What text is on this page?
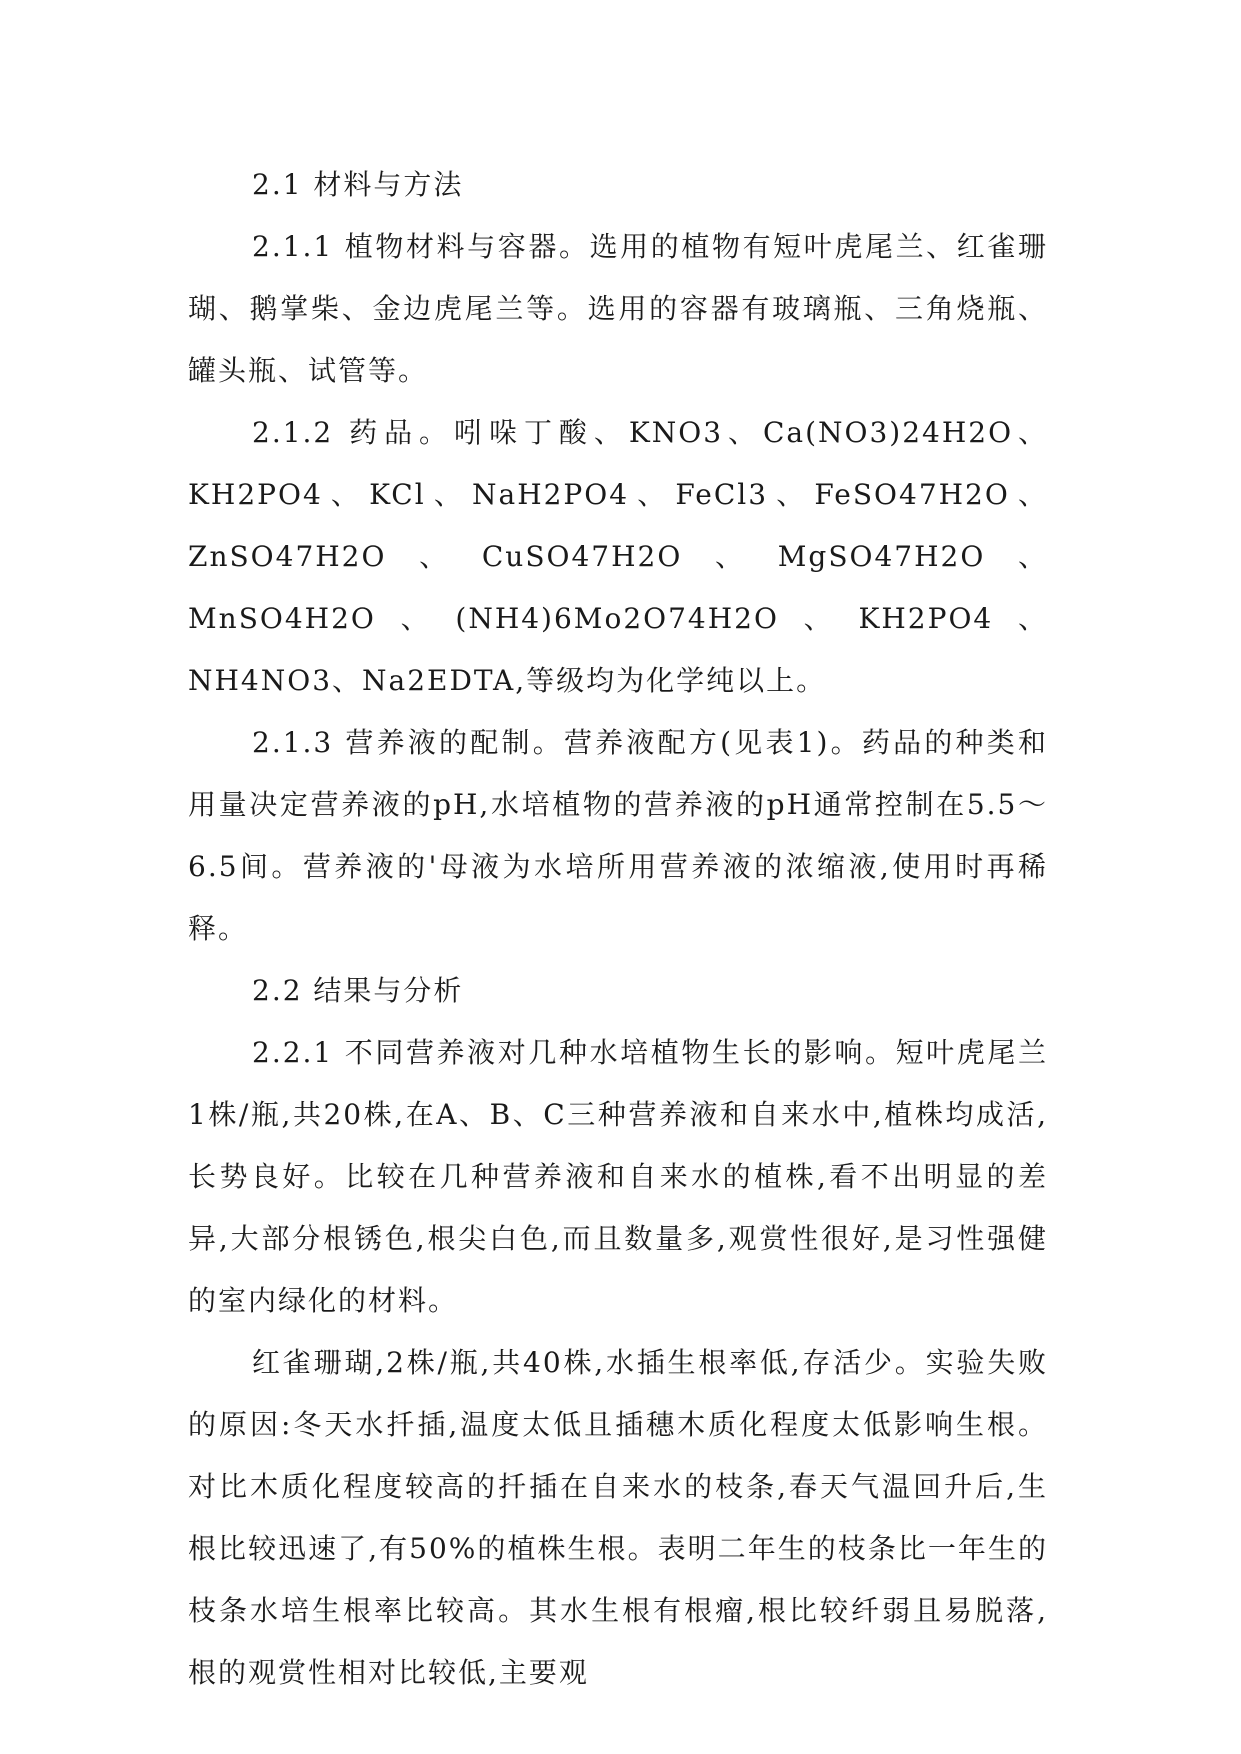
2.1 材料与方法

2.1.1 植物材料与容器。选用的植物有短叶虎尾兰、红雀珊瑚、鹅掌柴、金边虎尾兰等。选用的容器有玻璃瓶、三角烧瓶、罐头瓶、试管等。

2.1.2 药品。吲哚丁酸、KNO3、Ca(NO3)24H2O、KH2PO4、KCl、NaH2PO4、FeCl3、FeSO47H2O、ZnSO47H2O、CuSO47H2O、MgSO47H2O、MnSO4H2O、(NH4)6Mo2O74H2O、KH2PO4、NH4NO3、Na2EDTA,等级均为化学纯以上。

2.1.3 营养液的配制。营养液配方(见表1)。药品的种类和用量决定营养液的pH,水培植物的营养液的pH通常控制在5.5～6.5间。营养液的'母液为水培所用营养液的浓缩液,使用时再稀释。

2.2 结果与分析

2.2.1 不同营养液对几种水培植物生长的影响。短叶虎尾兰1株/瓶,共20株,在A、B、C三种营养液和自来水中,植株均成活,长势良好。比较在几种营养液和自来水的植株,看不出明显的差异,大部分根锈色,根尖白色,而且数量多,观赏性很好,是习性强健的室内绿化的材料。

红雀珊瑚,2株/瓶,共40株,水插生根率低,存活少。实验失败的原因:冬天水扦插,温度太低且插穗木质化程度太低影响生根。对比木质化程度较高的扦插在自来水的枝条,春天气温回升后,生根比较迅速了,有50%的植株生根。表明二年生的枝条比一年生的枝条水培生根率比较高。其水生根有根瘤,根比较纤弱且易脱落,根的观赏性相对比较低,主要观
